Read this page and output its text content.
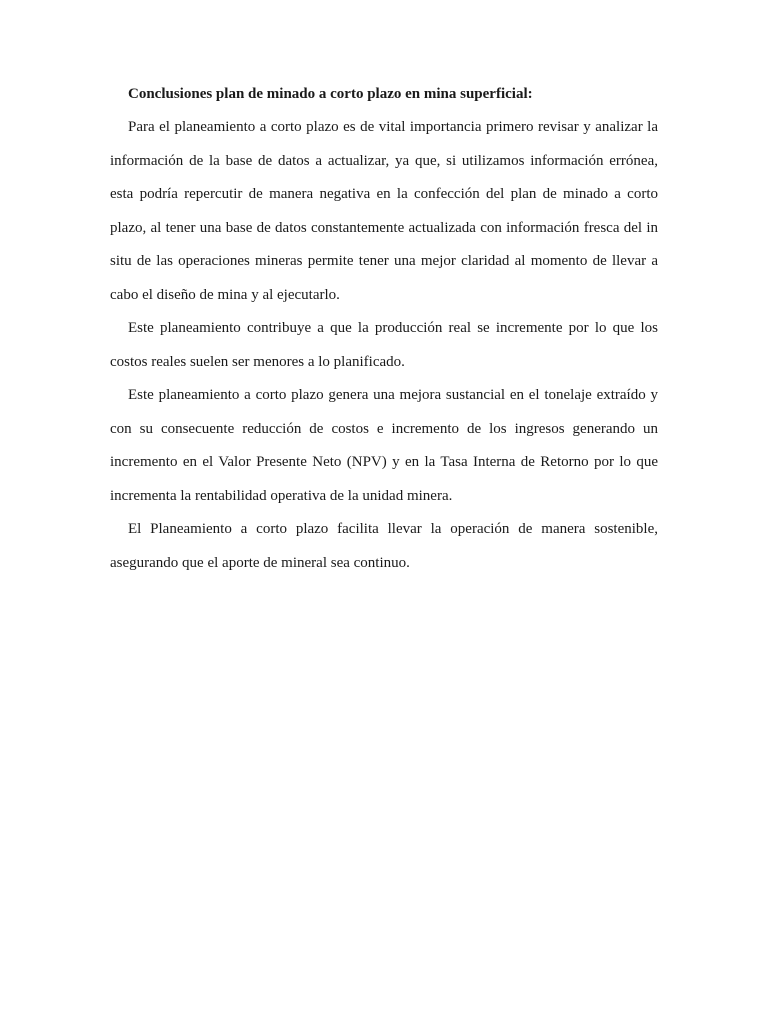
Conclusiones plan de minado a corto plazo en mina superficial:

Para el planeamiento a corto plazo es de vital importancia primero revisar y analizar la información de la base de datos a actualizar, ya que, si utilizamos información errónea, esta podría repercutir de manera negativa en la confección del plan de minado a corto plazo, al tener una base de datos constantemente actualizada con información fresca del in situ de las operaciones mineras permite tener una mejor claridad al momento de llevar a cabo el diseño de mina y al ejecutarlo.

Este planeamiento contribuye a que la producción real se incremente por lo que los costos reales suelen ser menores a lo planificado.

Este planeamiento a corto plazo genera una mejora sustancial en el tonelaje extraído y con su consecuente reducción de costos e incremento de los ingresos generando un incremento en el Valor Presente Neto (NPV) y en la Tasa Interna de Retorno por lo que incrementa la rentabilidad operativa de la unidad minera.

El Planeamiento a corto plazo facilita llevar la operación de manera sostenible, asegurando que el aporte de mineral sea continuo.
